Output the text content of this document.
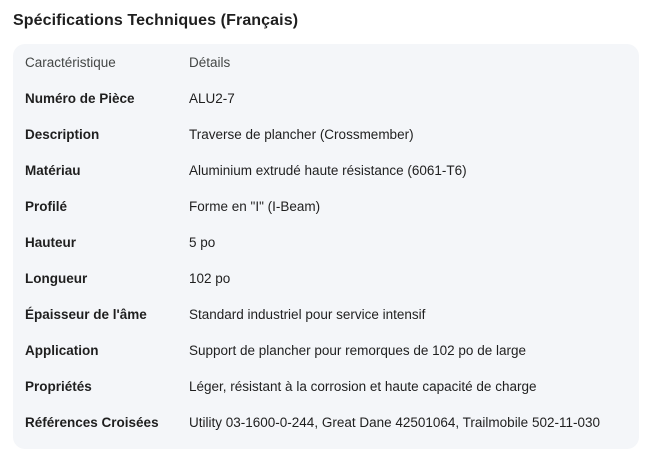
Spécifications Techniques (Français)
Caractéristique	Détails
Numéro de Pièce	ALU2-7
Description	Traverse de plancher (Crossmember)
Matériau	Aluminium extrudé haute résistance (6061-T6)
Profilé	Forme en "I" (I-Beam)
Hauteur	5 po
Longueur	102 po
Épaisseur de l'âme	Standard industriel pour service intensif
Application	Support de plancher pour remorques de 102 po de large
Propriétés	Léger, résistant à la corrosion et haute capacité de charge
Références Croisées	Utility 03-1600-0-244, Great Dane 42501064, Trailmobile 502-11-030
